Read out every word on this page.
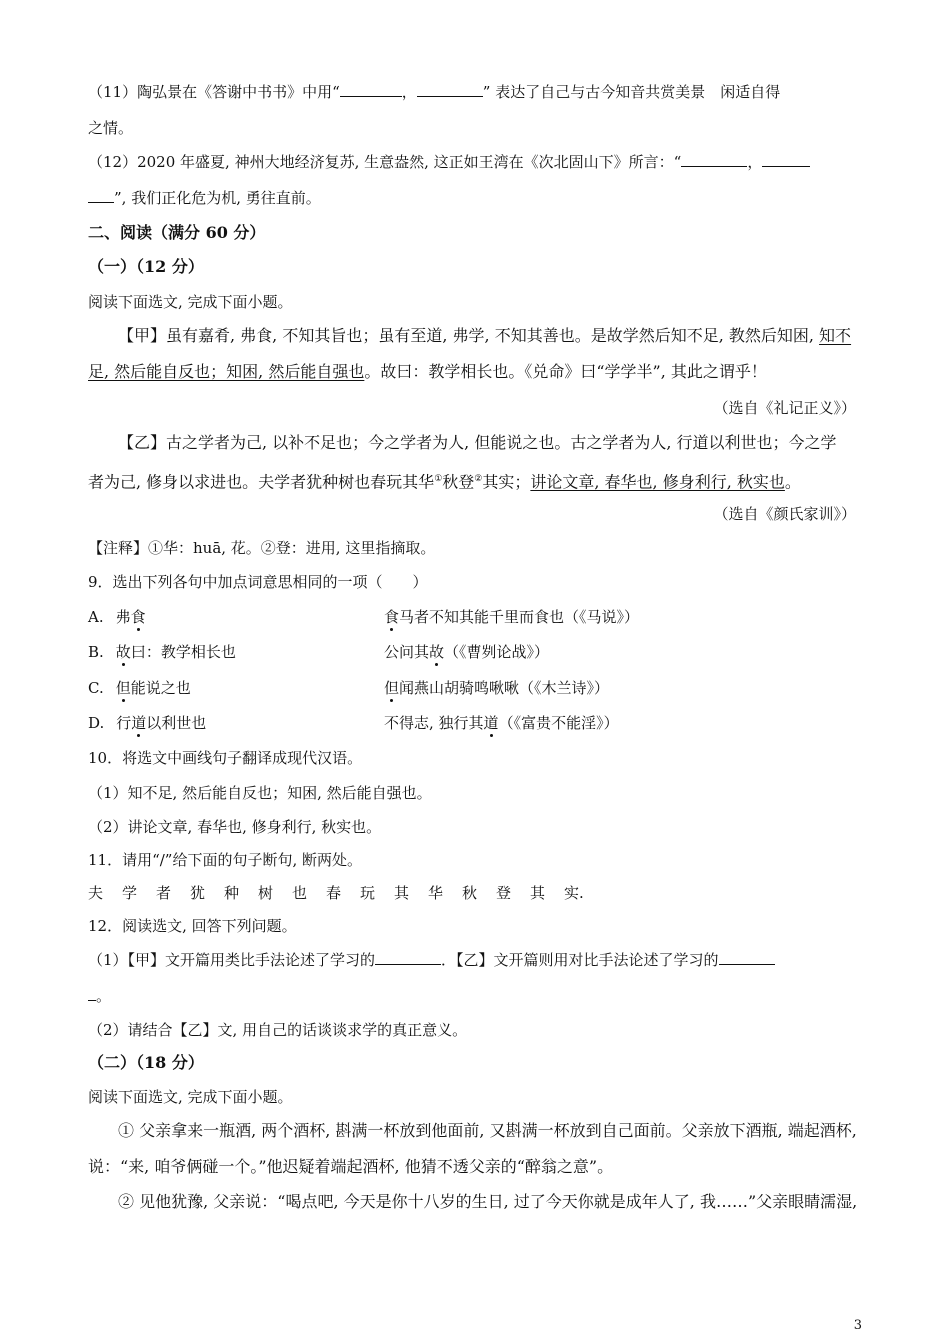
（11）陶弘景在《答谢中书书》中用“	，	” 表达了自己与古今知音共赏美景　闲适自得
之情。
（12）2020 年盛夏, 神州大地经济复苏, 生意盎然, 这正如王湾在《次北固山下》所言：“	，
”, 我们正化危为机, 勇往直前。
二、阅读（满分 60 分）
（一）（12 分）
阅读下面选文, 完成下面小题。
【甲】虽有嘉肴, 弗食, 不知其旨也；虽有至道, 弗学, 不知其善也。是故学然后知不足, 教然后知困, 知不
足, 然后能自反也；知困, 然后能自强也。故曰：教学相长也。《兑命》曰“学学半”, 其此之谓乎！
（选自《礼记正义》）
【乙】古之学者为己, 以补不足也；今之学者为人, 但能说之也。古之学者为人, 行道以利世也；今之学
者为己, 修身以求进也。夫学者犹种树也春玩其华①秋登②其实；讲论文章, 春华也, 修身利行, 秋实也。
（选自《颜氏家训》）
【注释】①华：huā, 花。②登：进用, 这里指摘取。
9．选出下列各句中加点词意思相同的一项（　　）
A. 弗食	食马者不知其能千里而食也（《马说》）
B. 故曰：教学相长也	公问其故（《曹刿论战》）
C. 但能说之也	但闻燕山胡骑鸣啾啾（《木兰诗》）
D. 行道以利世也	不得志, 独行其道（《富贵不能淫》）
10．将选文中画线句子翻译成现代汉语。
（1）知不足, 然后能自反也；知困, 然后能自强也。
（2）讲论文章, 春华也, 修身利行, 秋实也。
11．请用“/”给下面的句子断句, 断两处。
夫 学 者 犹 种 树 也 春 玩 其 华 秋 登 其 实.
12．阅读选文, 回答下列问题。
（1）【甲】文开篇用类比手法论述了学习的	．【乙】文开篇则用对比手法论述了学习的
。
（2）请结合【乙】文, 用自己的话谈谈求学的真正意义。
（二）（18 分）
阅读下面选文, 完成下面小题。
① 父亲拿来一瓶酒, 两个酒杯, 斟满一杯放到他面前, 又斟满一杯放到自己面前。父亲放下酒瓶, 端起酒杯,
说：“来, 咱爷俩碰一个。”他迟疑着端起酒杯, 他猜不透父亲的“醉翁之意”。
② 见他犹豫, 父亲说：“喝点吧, 今天是你十八岁的生日, 过了今天你就是成年人了, 我……”父亲眼睛濡湿,
3
